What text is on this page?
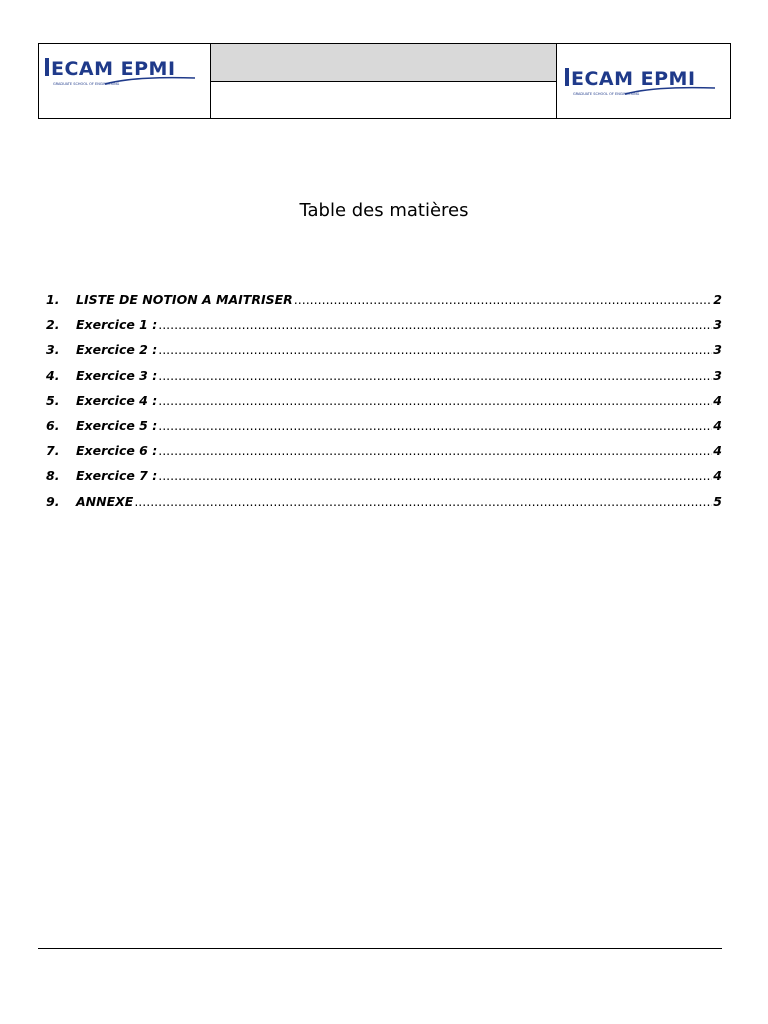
ECAM EPMI
GRADUATE SCHOOL OF ENGINEERING	ECAM EPMI
GRADUATE SCHOOL OF ENGINEERING
Table des matières
1.	LISTE DE NOTION A MAITRISER .....	2
2.	Exercice 1 : .....	3
3.	Exercice 2 : .....	3
4.	Exercice 3 : .....	3
5.	Exercice 4 : .....	4
6.	Exercice 5 : .....	4
7.	Exercice 6 : .....	4
8.	Exercice 7 : .....	4
9.	ANNEXE .....	5
